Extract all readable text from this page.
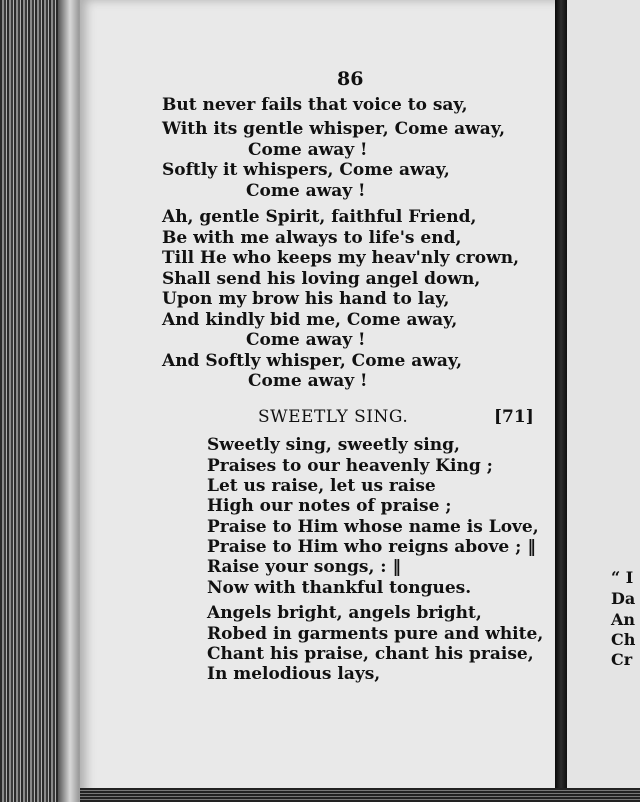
86
But never fails that voice to say,
With its gentle whisper, Come away,
Come away !
Softly it whispers, Come away,
Come away !
Ah, gentle Spirit, faithful Friend,
Be with me always to life's end,
Till He who keeps my heav'nly crown,
Shall send his loving angel down,
Upon my brow his hand to lay,
And kindly bid me, Come away,
Come away !
And Softly whisper, Come away,
Come away !
SWEETLY SING.	[71]
Sweetly sing, sweetly sing,
Praises to our heavenly King ;
Let us raise, let us raise
High our notes of praise ;
Praise to Him whose name is Love,
Praise to Him who reigns above ; ‖
Raise your songs, : ‖
Now with thankful tongues.
Angels bright, angels bright,
Robed in garments pure and white,
Chant his praise, chant his praise,
In melodious lays,
“ I
Da
An
Ch
Cr
